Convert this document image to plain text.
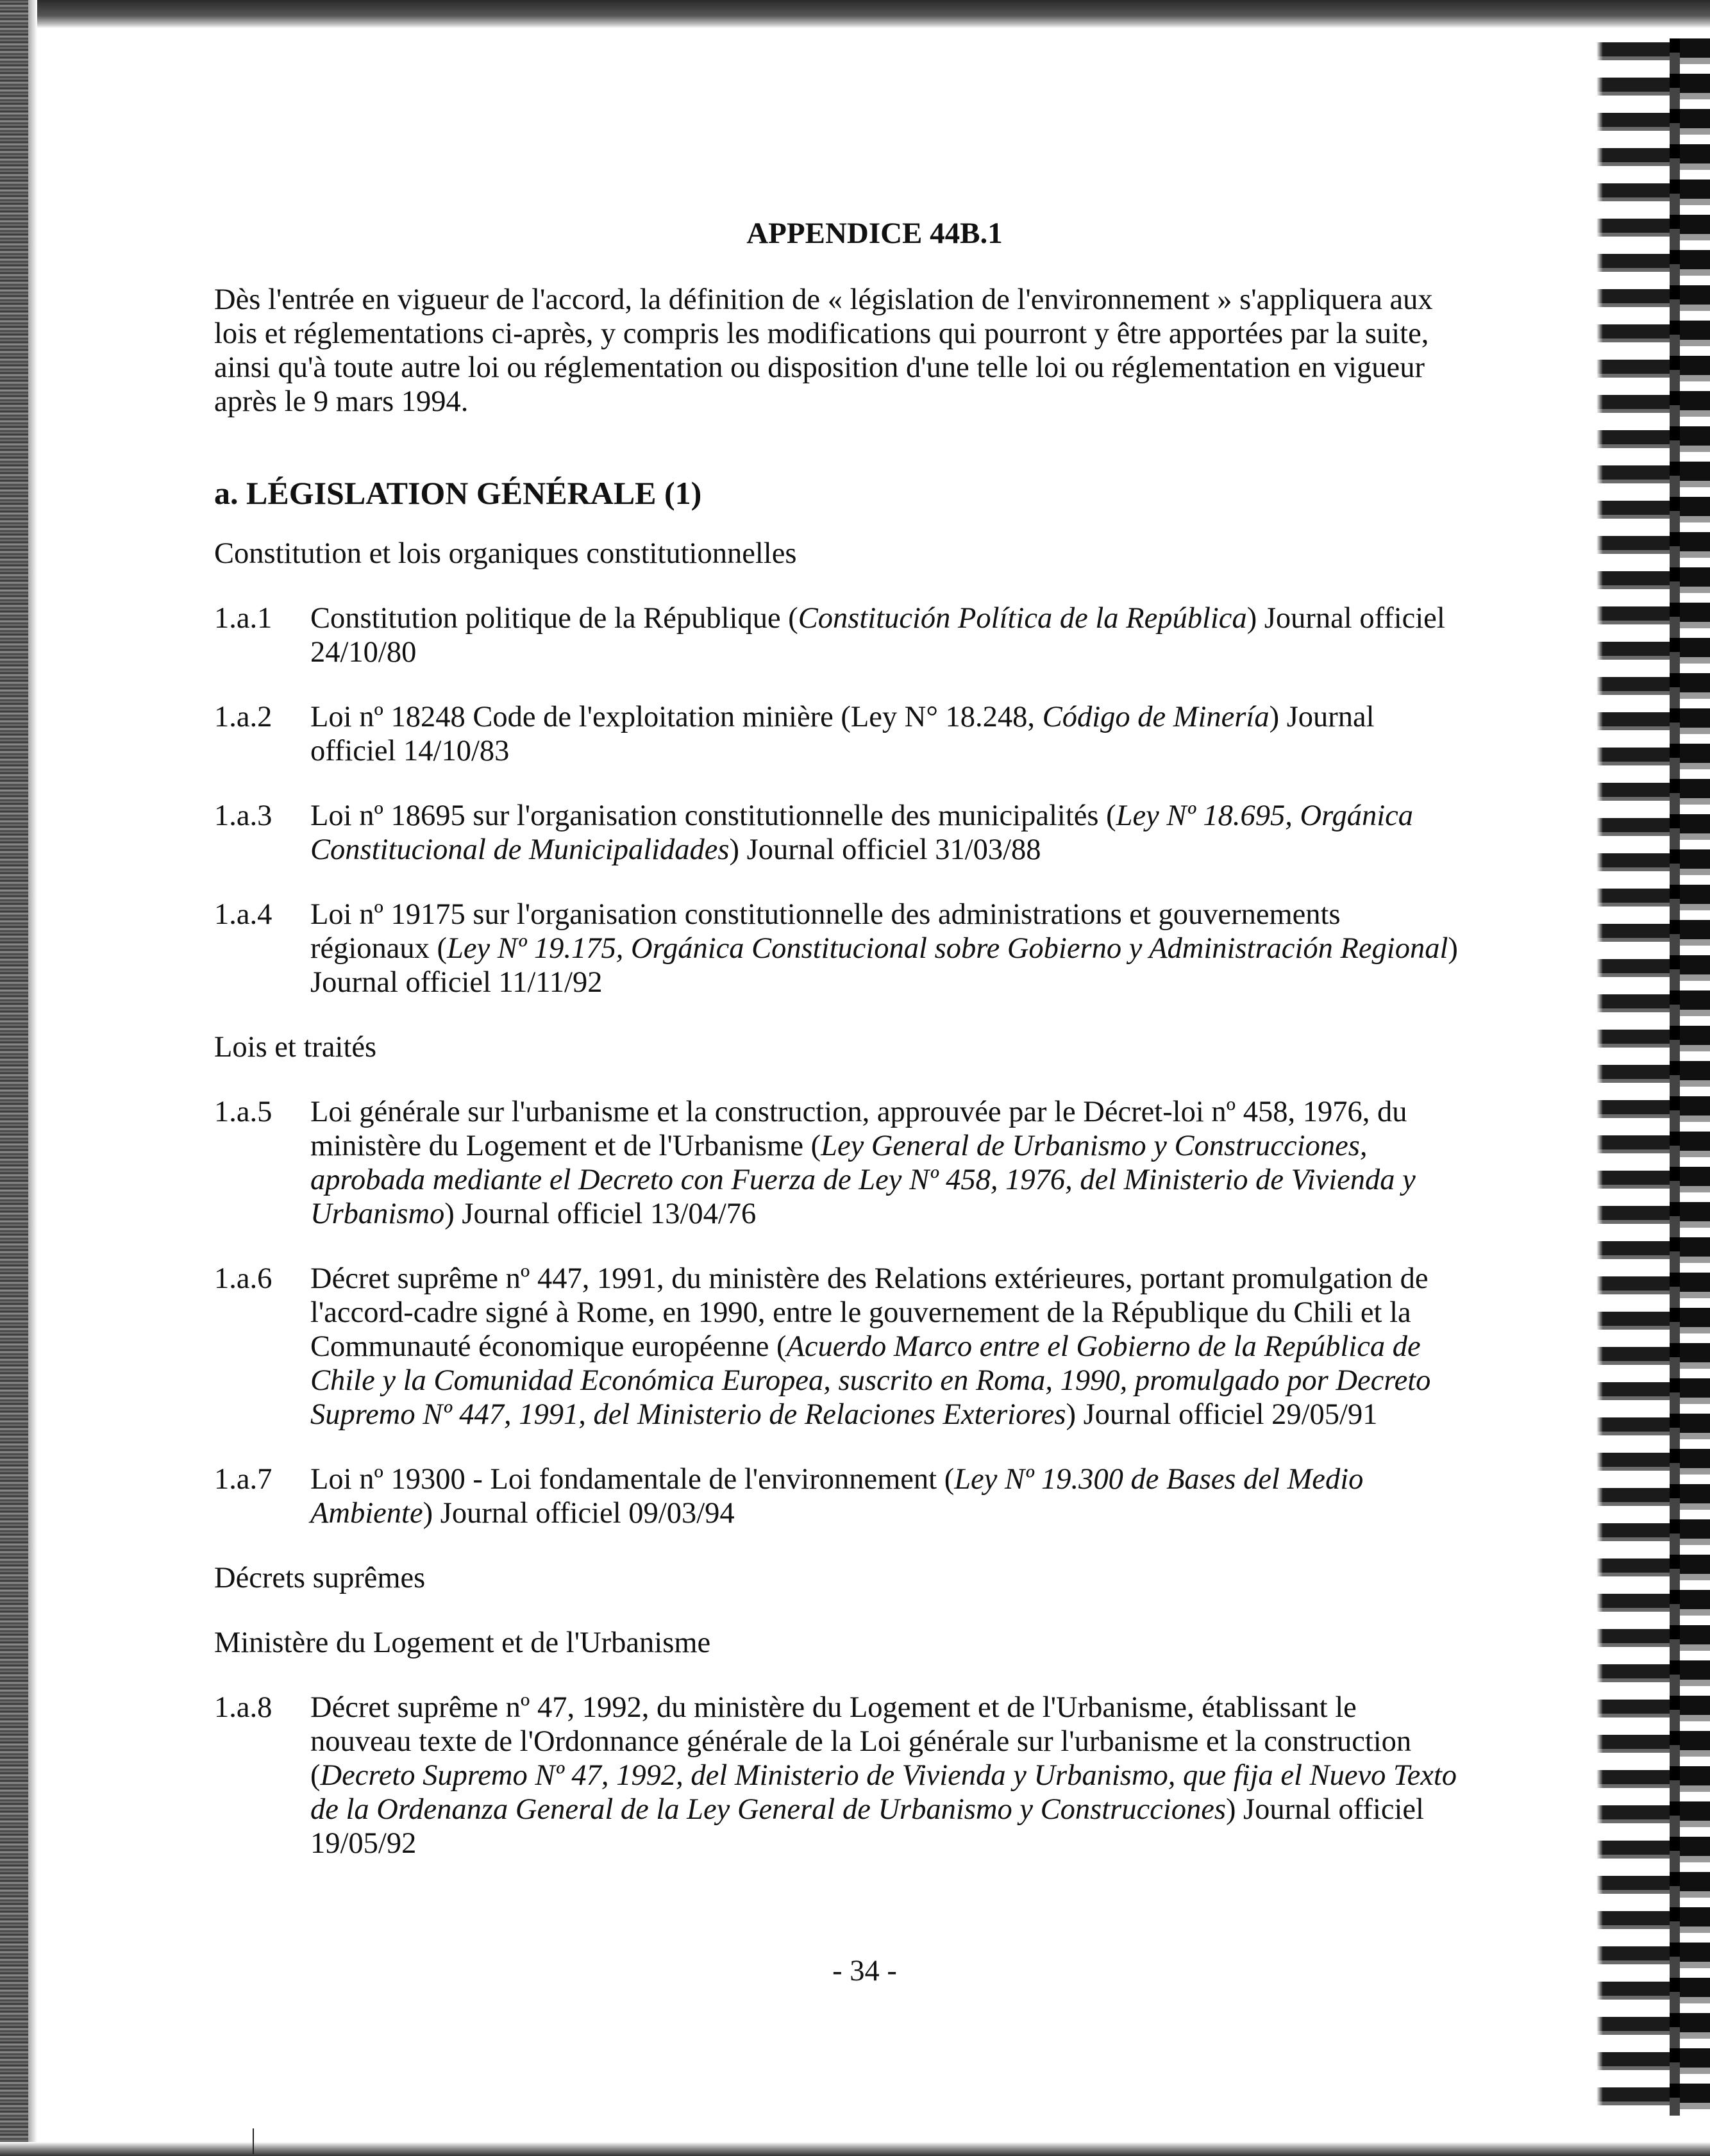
APPENDICE 44B.1

Dès l'entrée en vigueur de l'accord, la définition de « législation de l'environnement » s'appliquera aux lois et réglementations ci-après, y compris les modifications qui pourront y être apportées par la suite, ainsi qu'à toute autre loi ou réglementation ou disposition d'une telle loi ou réglementation en vigueur après le 9 mars 1994.

a. LÉGISLATION GÉNÉRALE (1)
Constitution et lois organiques constitutionnelles
1.a.1	Constitution politique de la République (Constitución Política de la República) Journal officiel 24/10/80
1.a.2	Loi nº 18248 Code de l'exploitation minière (Ley N° 18.248, Código de Minería) Journal officiel 14/10/83
1.a.3	Loi nº 18695 sur l'organisation constitutionnelle des municipalités (Ley Nº 18.695, Orgánica Constitucional de Municipalidades) Journal officiel 31/03/88
1.a.4	Loi nº 19175 sur l'organisation constitutionnelle des administrations et gouvernements régionaux (Ley Nº 19.175, Orgánica Constitucional sobre Gobierno y Administración Regional) Journal officiel 11/11/92
Lois et traités
1.a.5	Loi générale sur l'urbanisme et la construction, approuvée par le Décret-loi nº 458, 1976, du ministère du Logement et de l'Urbanisme (Ley General de Urbanismo y Construcciones, aprobada mediante el Decreto con Fuerza de Ley Nº 458, 1976, del Ministerio de Vivienda y Urbanismo) Journal officiel 13/04/76
1.a.6	Décret suprême nº 447, 1991, du ministère des Relations extérieures, portant promulgation de l'accord-cadre signé à Rome, en 1990, entre le gouvernement de la République du Chili et la Communauté économique européenne (Acuerdo Marco entre el Gobierno de la República de Chile y la Comunidad Económica Europea, suscrito en Roma, 1990, promulgado por Decreto Supremo Nº 447, 1991, del Ministerio de Relaciones Exteriores) Journal officiel 29/05/91
1.a.7	Loi nº 19300 - Loi fondamentale de l'environnement (Ley Nº 19.300 de Bases del Medio Ambiente) Journal officiel 09/03/94
Décrets suprêmes
Ministère du Logement et de l'Urbanisme
1.a.8	Décret suprême nº 47, 1992, du ministère du Logement et de l'Urbanisme, établissant le nouveau texte de l'Ordonnance générale de la Loi générale sur l'urbanisme et la construction (Decreto Supremo Nº 47, 1992, del Ministerio de Vivienda y Urbanismo, que fija el Nuevo Texto de la Ordenanza General de la Ley General de Urbanismo y Construcciones) Journal officiel 19/05/92
- 34 -
